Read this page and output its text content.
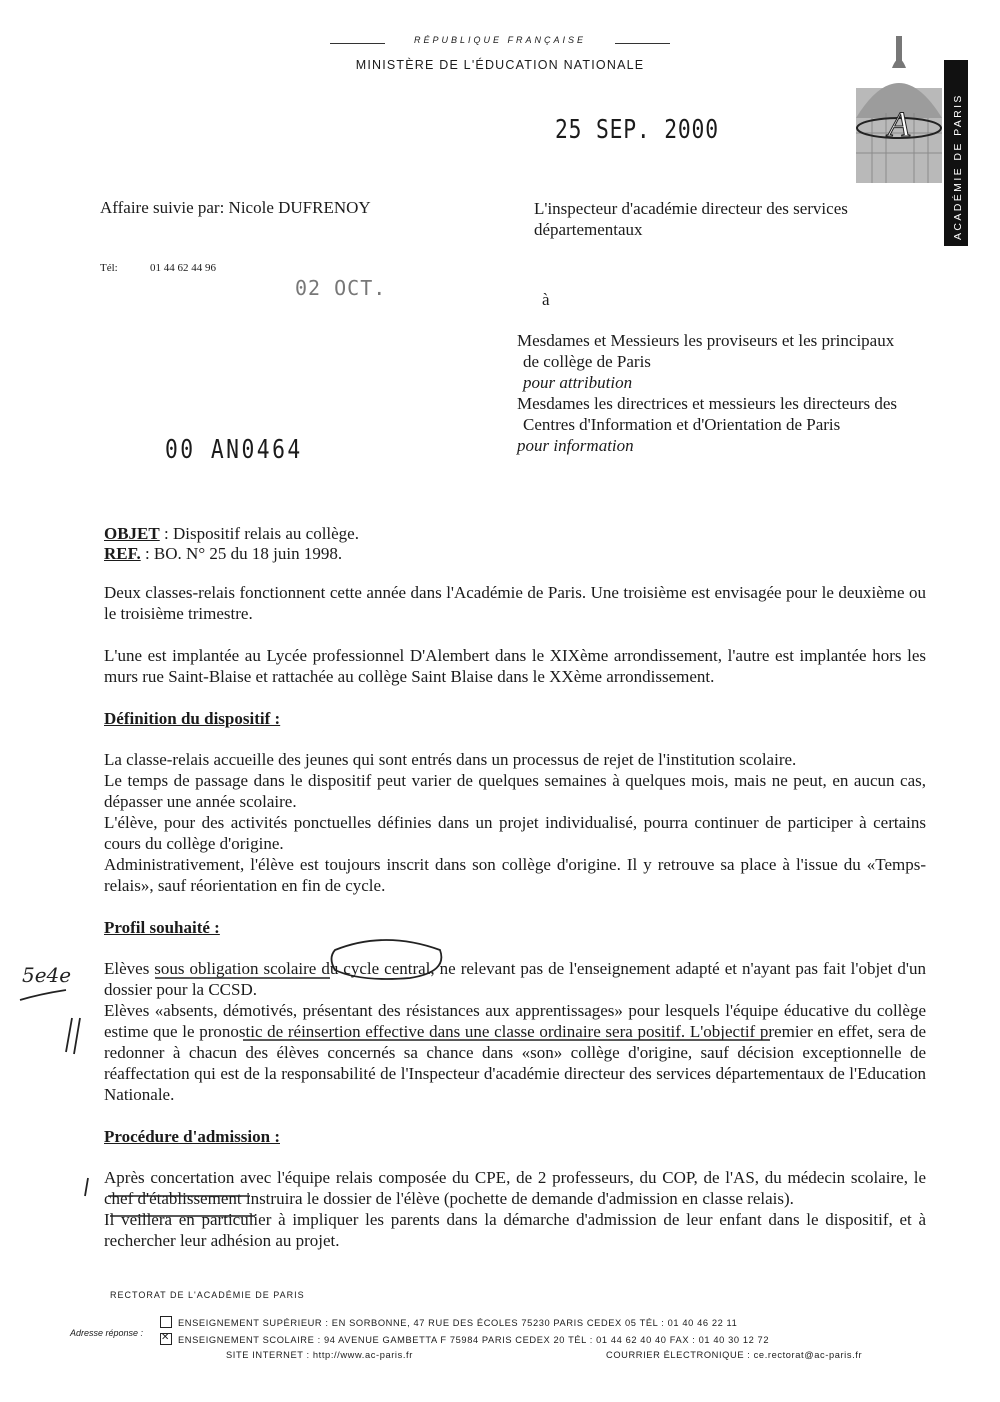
RÉPUBLIQUE FRANÇAISE
MINISTÈRE DE L'ÉDUCATION NATIONALE
25 SEP. 2000	A	ACADÉMIE DE PARIS
Affaire suivie par: Nicole DUFRENOY
Tél:	01 44 62 44 96
02 OCT.
L'inspecteur d'académie directeur des services départementaux
à
Mesdames et Messieurs les proviseurs et les principaux
de collège de Paris
pour attribution
Mesdames les directrices et messieurs les directeurs des
Centres d'Information et d'Orientation de Paris
pour information
00 AN0464
OBJET : Dispositif relais au collège.
REF. : BO. N° 25 du 18 juin 1998.

Deux classes-relais fonctionnent cette année dans l'Académie de Paris. Une troisième est envisagée pour le deuxième ou le troisième trimestre.

L'une est implantée au Lycée professionnel D'Alembert dans le XIXème arrondissement, l'autre est implantée hors les murs rue Saint-Blaise et rattachée au collège Saint Blaise dans le XXème arrondissement.

Définition du dispositif :

La classe-relais accueille des jeunes qui sont entrés dans un processus de rejet de l'institution scolaire.

Le temps de passage dans le dispositif peut varier de quelques semaines à quelques mois, mais ne peut, en aucun cas, dépasser une année scolaire.

L'élève, pour des activités ponctuelles définies dans un projet individualisé, pourra continuer de participer à certains cours du collège d'origine.

Administrativement, l'élève est toujours inscrit dans son collège d'origine. Il y retrouve sa place à l'issue du «Temps-relais», sauf réorientation en fin de cycle.

Profil souhaité :

Elèves sous obligation scolaire du cycle central, ne relevant pas de l'enseignement adapté et n'ayant pas fait l'objet d'un dossier pour la CCSD.

Elèves «absents, démotivés, présentant des résistances aux apprentissages» pour lesquels l'équipe éducative du collège estime que le pronostic de réinsertion effective dans une classe ordinaire sera positif. L'objectif premier en effet, sera de redonner à chacun des élèves concernés sa chance dans «son» collège d'origine, sauf décision exceptionnelle de réaffectation qui est de la responsabilité de l'Inspecteur d'académie directeur des services départementaux de l'Education Nationale.

Procédure d'admission :

Après concertation avec l'équipe relais composée du CPE, de 2 professeurs, du COP, de l'AS, du médecin scolaire, le chef d'établissement instruira le dossier de l'élève (pochette de demande d'admission en classe relais).

Il veillera en particulier à impliquer les parents dans la démarche d'admission de leur enfant dans le dispositif, et à rechercher leur adhésion au projet.

5e4e
RECTORAT DE L'ACADÉMIE DE PARIS
Adresse réponse :
ENSEIGNEMENT SUPÉRIEUR : EN SORBONNE, 47 RUE DES ÉCOLES 75230 PARIS CEDEX 05 TÉL : 01 40 46 22 11
✕ENSEIGNEMENT SCOLAIRE : 94 AVENUE GAMBETTA F 75984 PARIS CEDEX 20 TÉL : 01 44 62 40 40 FAX : 01 40 30 12 72
SITE INTERNET : http://www.ac-paris.fr	COURRIER ÉLECTRONIQUE : ce.rectorat@ac-paris.fr
